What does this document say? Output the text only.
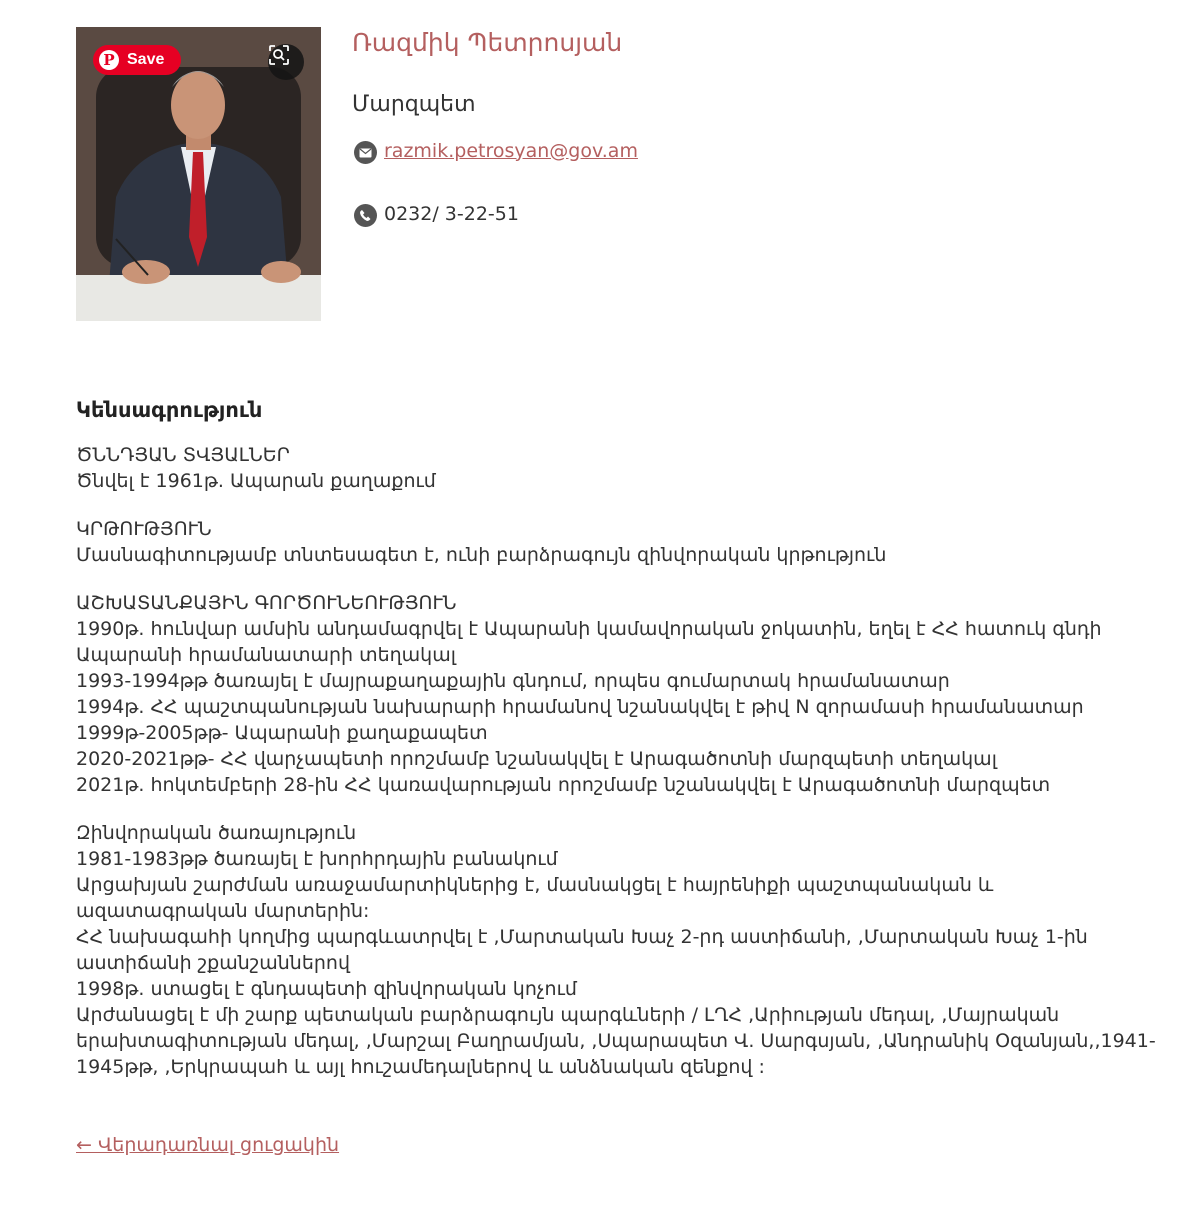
P Save
Ռազմիկ Պետրոսյան
Մարզպետ
razmik.petrosyan@gov.am
0232/ 3-22-51
Կենսագրություն
ԾՆՆԴՅԱՆ ՏՎՅԱԼՆԵՐ
Ծնվել է 1961թ. Ապարան քաղաքում
ԿՐԹՈՒԹՅՈՒՆ
Մասնագիտությամբ տնտեսագետ է, ունի բարձրագույն զինվորական կրթություն
ԱՇԽԱՏԱՆՔԱՅԻՆ ԳՈՐԾՈՒՆԵՈՒԹՅՈՒՆ
1990թ. հունվար ամսին անդամագրվել է Ապարանի կամավորական ջոկատին, եղել է ՀՀ հատուկ գնդի Ապարանի հրամանատարի տեղակալ
1993-1994թթ ծառայել է մայրաքաղաքային գնդում, որպես գումարտակ հրամանատար
1994թ. ՀՀ պաշտպանության նախարարի հրամանով նշանակվել է թիվ N զորամասի հրամանատար
1999թ-2005թթ- Ապարանի քաղաքապետ
2020-2021թթ- ՀՀ վարչապետի որոշմամբ նշանակվել է Արագածոտնի մարզպետի տեղակալ
2021թ. հոկտեմբերի 28-ին ՀՀ կառավարության որոշմամբ նշանակվել է Արագածոտնի մարզպետ
Զինվորական ծառայություն
1981-1983թթ ծառայել է խորհրդային բանակում
Արցախյան շարժման առաջամարտիկներից է, մասնակցել է հայրենիքի պաշտպանական և ազատագրական մարտերին:
ՀՀ նախագահի կողմից պարգևատրվել է ,Մարտական Խաչ 2-րդ աստիճանի, ,Մարտական Խաչ 1-ին աստիճանի շքանշաններով
1998թ. ստացել է գնդապետի զինվորական կոչում
Արժանացել է մի շարք պետական բարձրագույն պարգևների / ԼՂՀ ,Արիության մեդալ, ,Մայրական երախտագիտության մեդալ, ,Մարշալ Բաղրամյան, ,Սպարապետ Վ. Սարգսյան, ,Անդրանիկ Օզանյան,,1941-1945թթ, ,Երկրապահ և այլ հուշամեդալներով և անձնական զենքով :
← Վերադառնալ ցուցակին
